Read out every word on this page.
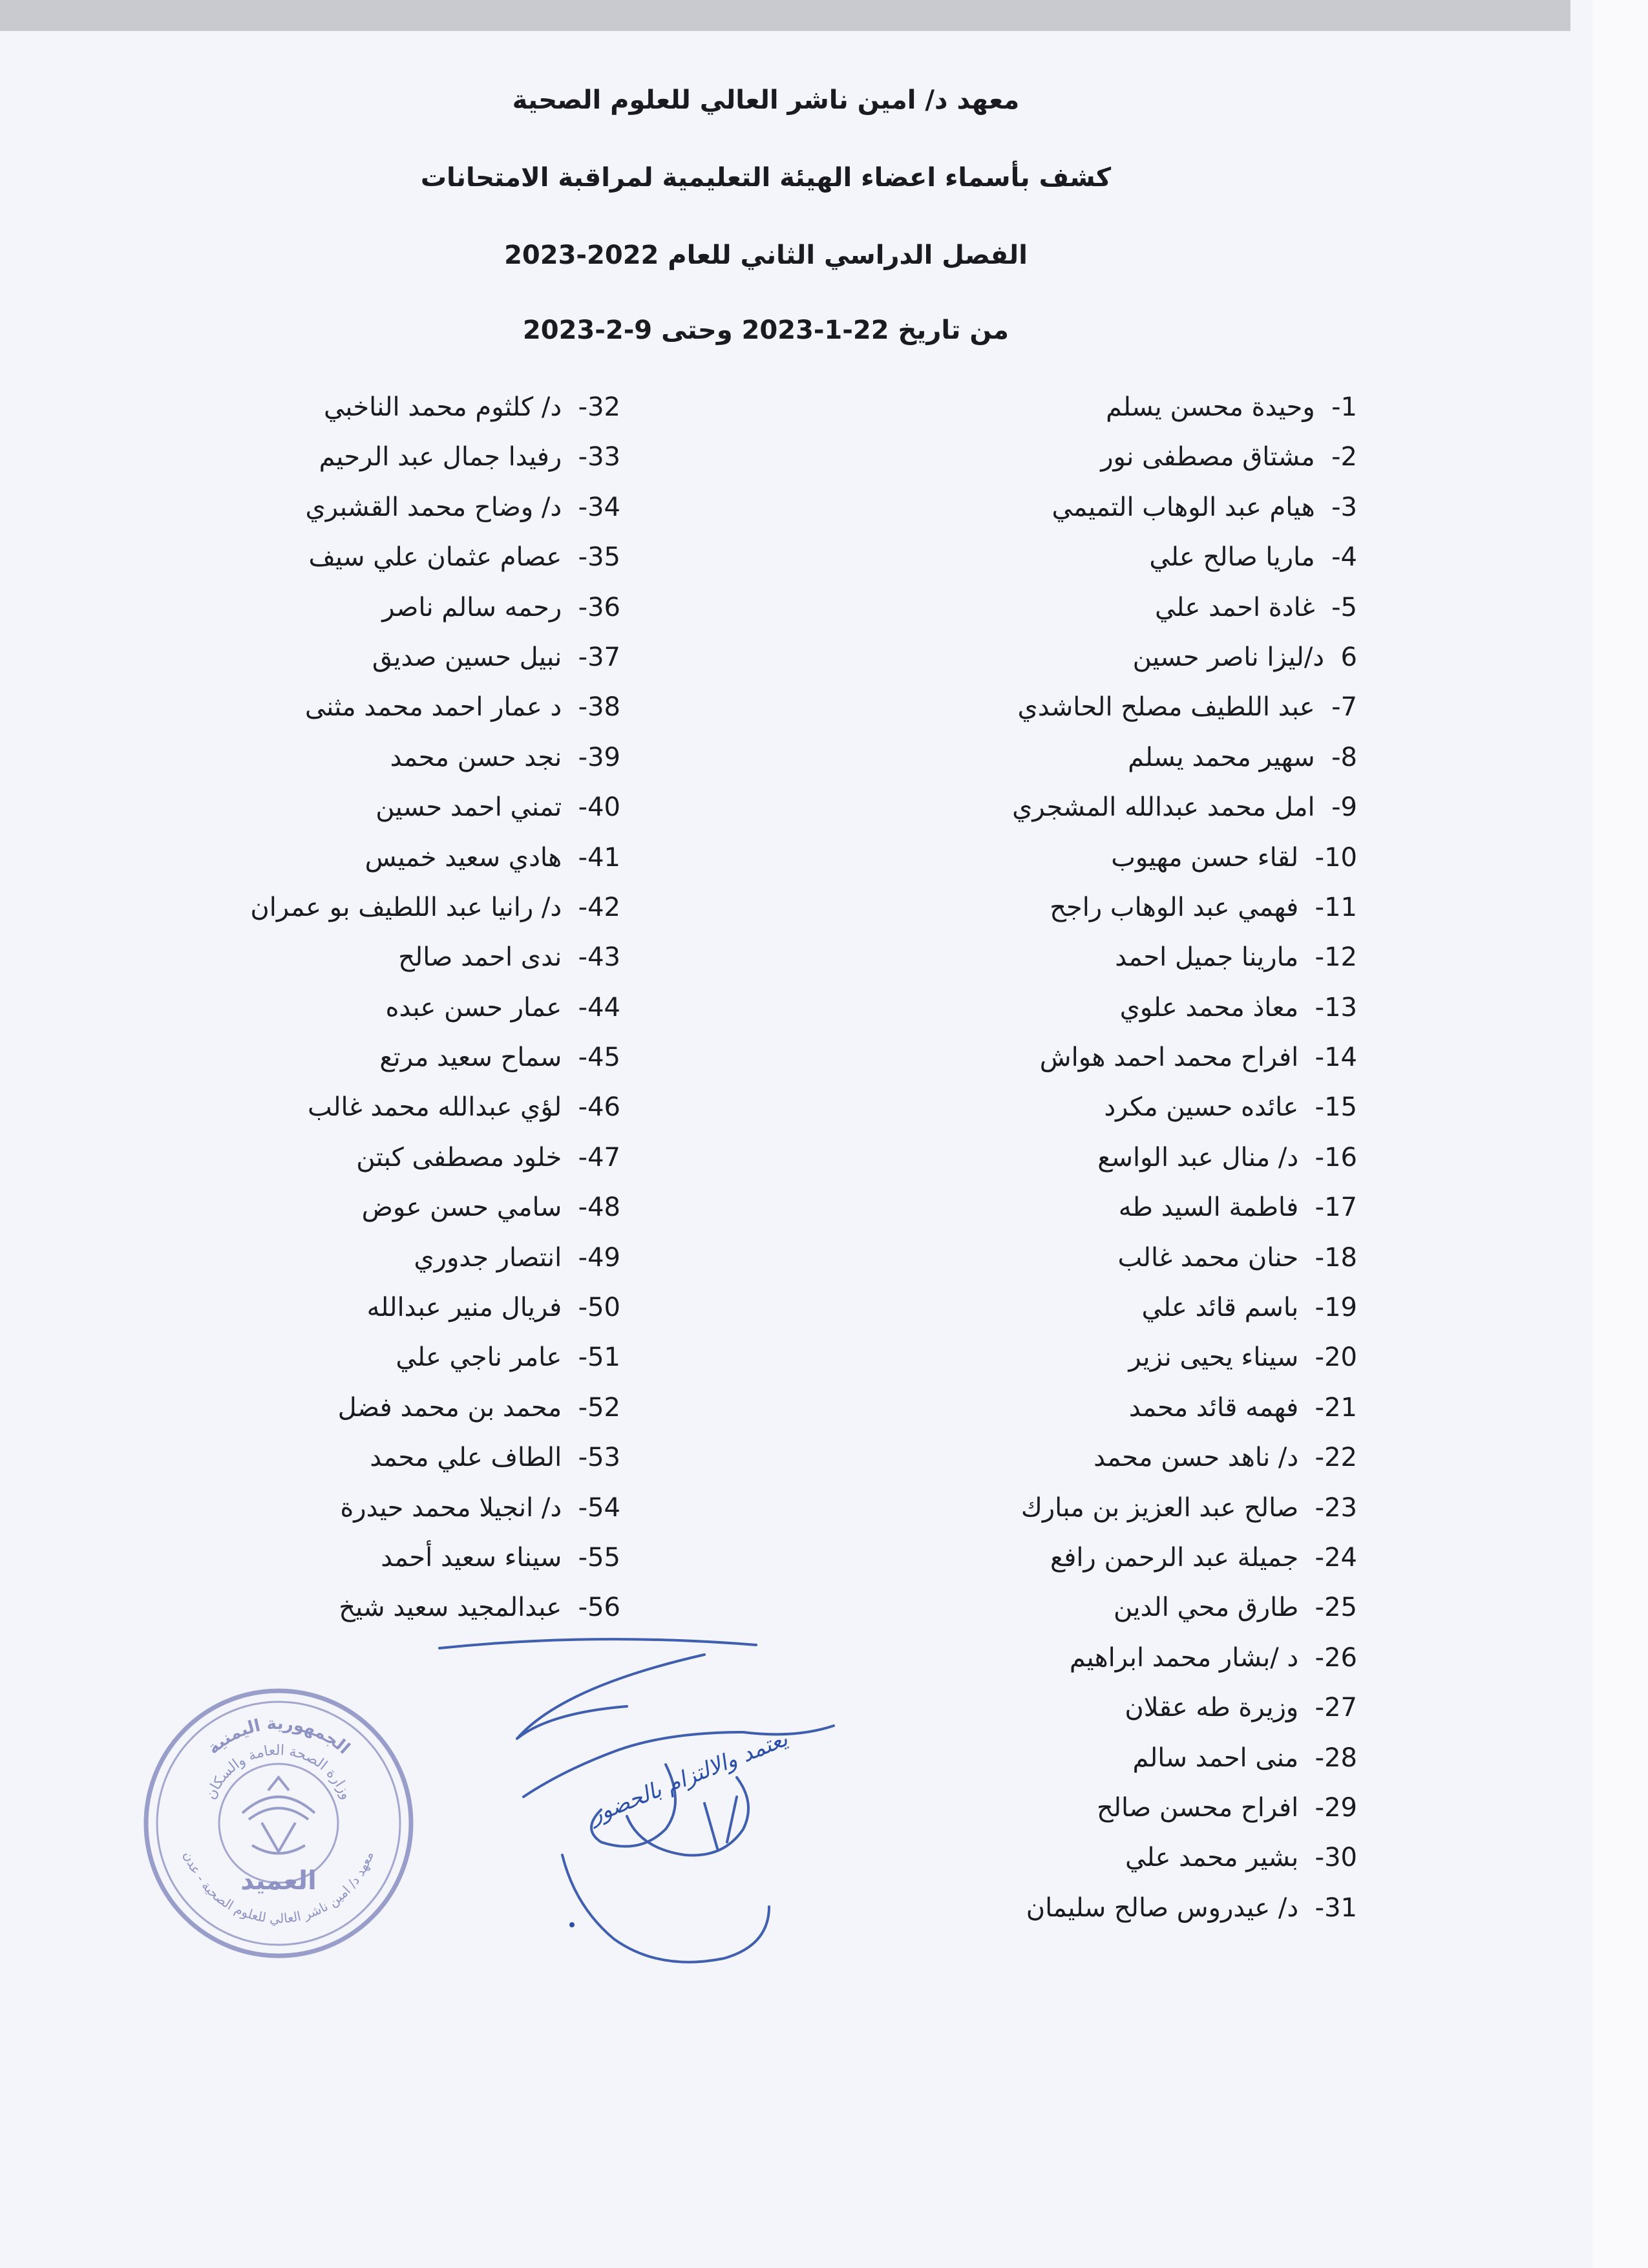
معهد د/ امين ناشر العالي للعلوم الصحية
كشف بأسماء اعضاء الهيئة التعليمية لمراقبة الامتحانات
الفصل الدراسي الثاني للعام 2022-2023
من تاريخ 22-1-2023 وحتى 9-2-2023
1-  وحيدة محسن يسلم
2-  مشتاق مصطفى نور
3-  هيام عبد الوهاب التميمي
4-  ماريا صالح علي
5-  غادة احمد علي
6  د/ليزا ناصر حسين
7-  عبد اللطيف مصلح الحاشدي
8-  سهير محمد يسلم
9-  امل محمد عبدالله المشجري
10-  لقاء حسن مهيوب
11-  فهمي عبد الوهاب راجح
12-  مارينا جميل احمد
13-  معاذ محمد علوي
14-  افراح محمد احمد هواش
15-  عائده حسين مكرد
16-  د/ منال عبد الواسع
17-  فاطمة السيد طه
18-  حنان محمد غالب
19-  باسم قائد علي
20-  سيناء يحيى نزير
21-  فهمه قائد محمد
22-  د/ ناهد حسن محمد
23-  صالح عبد العزيز بن مبارك
24-  جميلة عبد الرحمن رافع
25-  طارق محي الدين
26-  د /بشار محمد ابراهيم
27-  وزيرة طه عقلان
28-  منى احمد سالم
29-  افراح محسن صالح
30-  بشير محمد علي
31-  د/ عيدروس صالح سليمان
32-  د/ كلثوم محمد الناخبي
33-  رفيدا جمال عبد الرحيم
34-  د/ وضاح محمد القشبري
35-  عصام عثمان علي سيف
36-  رحمه سالم ناصر
37-  نبيل حسين صديق
38-  د عمار احمد محمد مثنى
39-  نجد حسن محمد
40-  تمني احمد حسين
41-  هادي سعيد خميس
42-  د/ رانيا عبد اللطيف بو عمران
43-  ندى احمد صالح
44-  عمار حسن عبده
45-  سماح سعيد مرتع
46-  لؤي عبدالله محمد غالب
47-  خلود مصطفى كبتن
48-  سامي حسن عوض
49-  انتصار جدوري
50-  فريال منير عبدالله
51-  عامر ناجي علي
52-  محمد بن محمد فضل
53-  الطاف علي محمد
54-  د/ انجيلا محمد حيدرة
55-  سيناء سعيد أحمد
56-  عبدالمجيد سعيد شيخ
الجمهورية اليمنية
وزارة الصحة العامة والسكان
معهد د/ امين ناشر العالي للعلوم الصحية - عدن
العميد
يعتمد والالتزام بالحضور
